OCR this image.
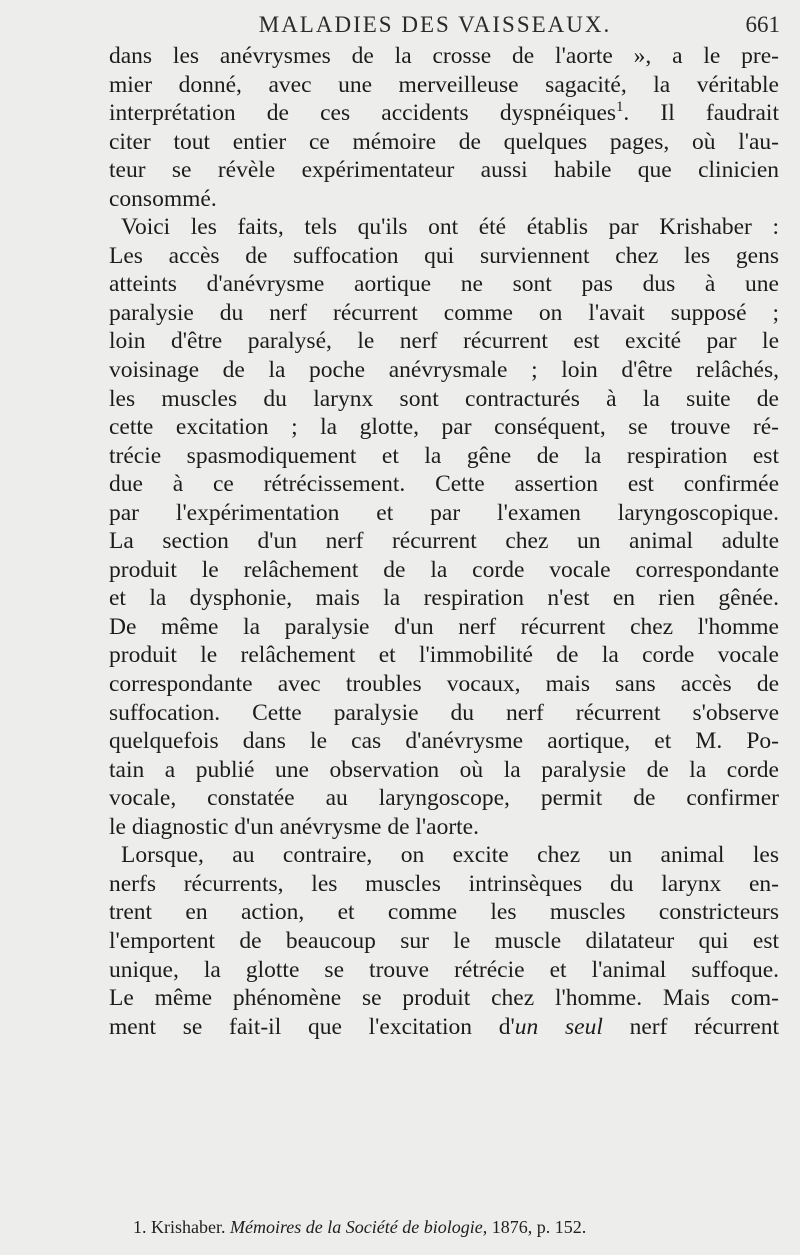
MALADIES DES VAISSEAUX.	661
dans les anévrysmes de la crosse de l'aorte », a le pre-
mier donné, avec une merveilleuse sagacité, la véritable
interprétation de ces accidents dyspnéiques$^1$. Il faudrait
citer tout entier ce mémoire de quelques pages, où l'au-
teur se révèle expérimentateur aussi habile que clinicien
consommé.
Voici les faits, tels qu'ils ont été établis par Krishaber :
Les accès de suffocation qui surviennent chez les gens
atteints d'anévrysme aortique ne sont pas dus à une
paralysie du nerf récurrent comme on l'avait supposé ;
loin d'être paralysé, le nerf récurrent est excité par le
voisinage de la poche anévrysmale ; loin d'être relâchés,
les muscles du larynx sont contracturés à la suite de
cette excitation ; la glotte, par conséquent, se trouve ré-
trécie spasmodiquement et la gêne de la respiration est
due à ce rétrécissement. Cette assertion est confirmée
par l'expérimentation et par l'examen laryngoscopique.
La section d'un nerf récurrent chez un animal adulte
produit le relâchement de la corde vocale correspondante
et la dysphonie, mais la respiration n'est en rien gênée.
De même la paralysie d'un nerf récurrent chez l'homme
produit le relâchement et l'immobilité de la corde vocale
correspondante avec troubles vocaux, mais sans accès de
suffocation. Cette paralysie du nerf récurrent s'observe
quelquefois dans le cas d'anévrysme aortique, et M. Po-
tain a publié une observation où la paralysie de la corde
vocale, constatée au laryngoscope, permit de confirmer
le diagnostic d'un anévrysme de l'aorte.
Lorsque, au contraire, on excite chez un animal les
nerfs récurrents, les muscles intrinsèques du larynx en-
trent en action, et comme les muscles constricteurs
l'emportent de beaucoup sur le muscle dilatateur qui est
unique, la glotte se trouve rétrécie et l'animal suffoque.
Le même phénomène se produit chez l'homme. Mais com-
ment se fait-il que l'excitation d'un seul nerf récurrent
1. Krishaber. Mémoires de la Société de biologie, 1876, p. 152.
